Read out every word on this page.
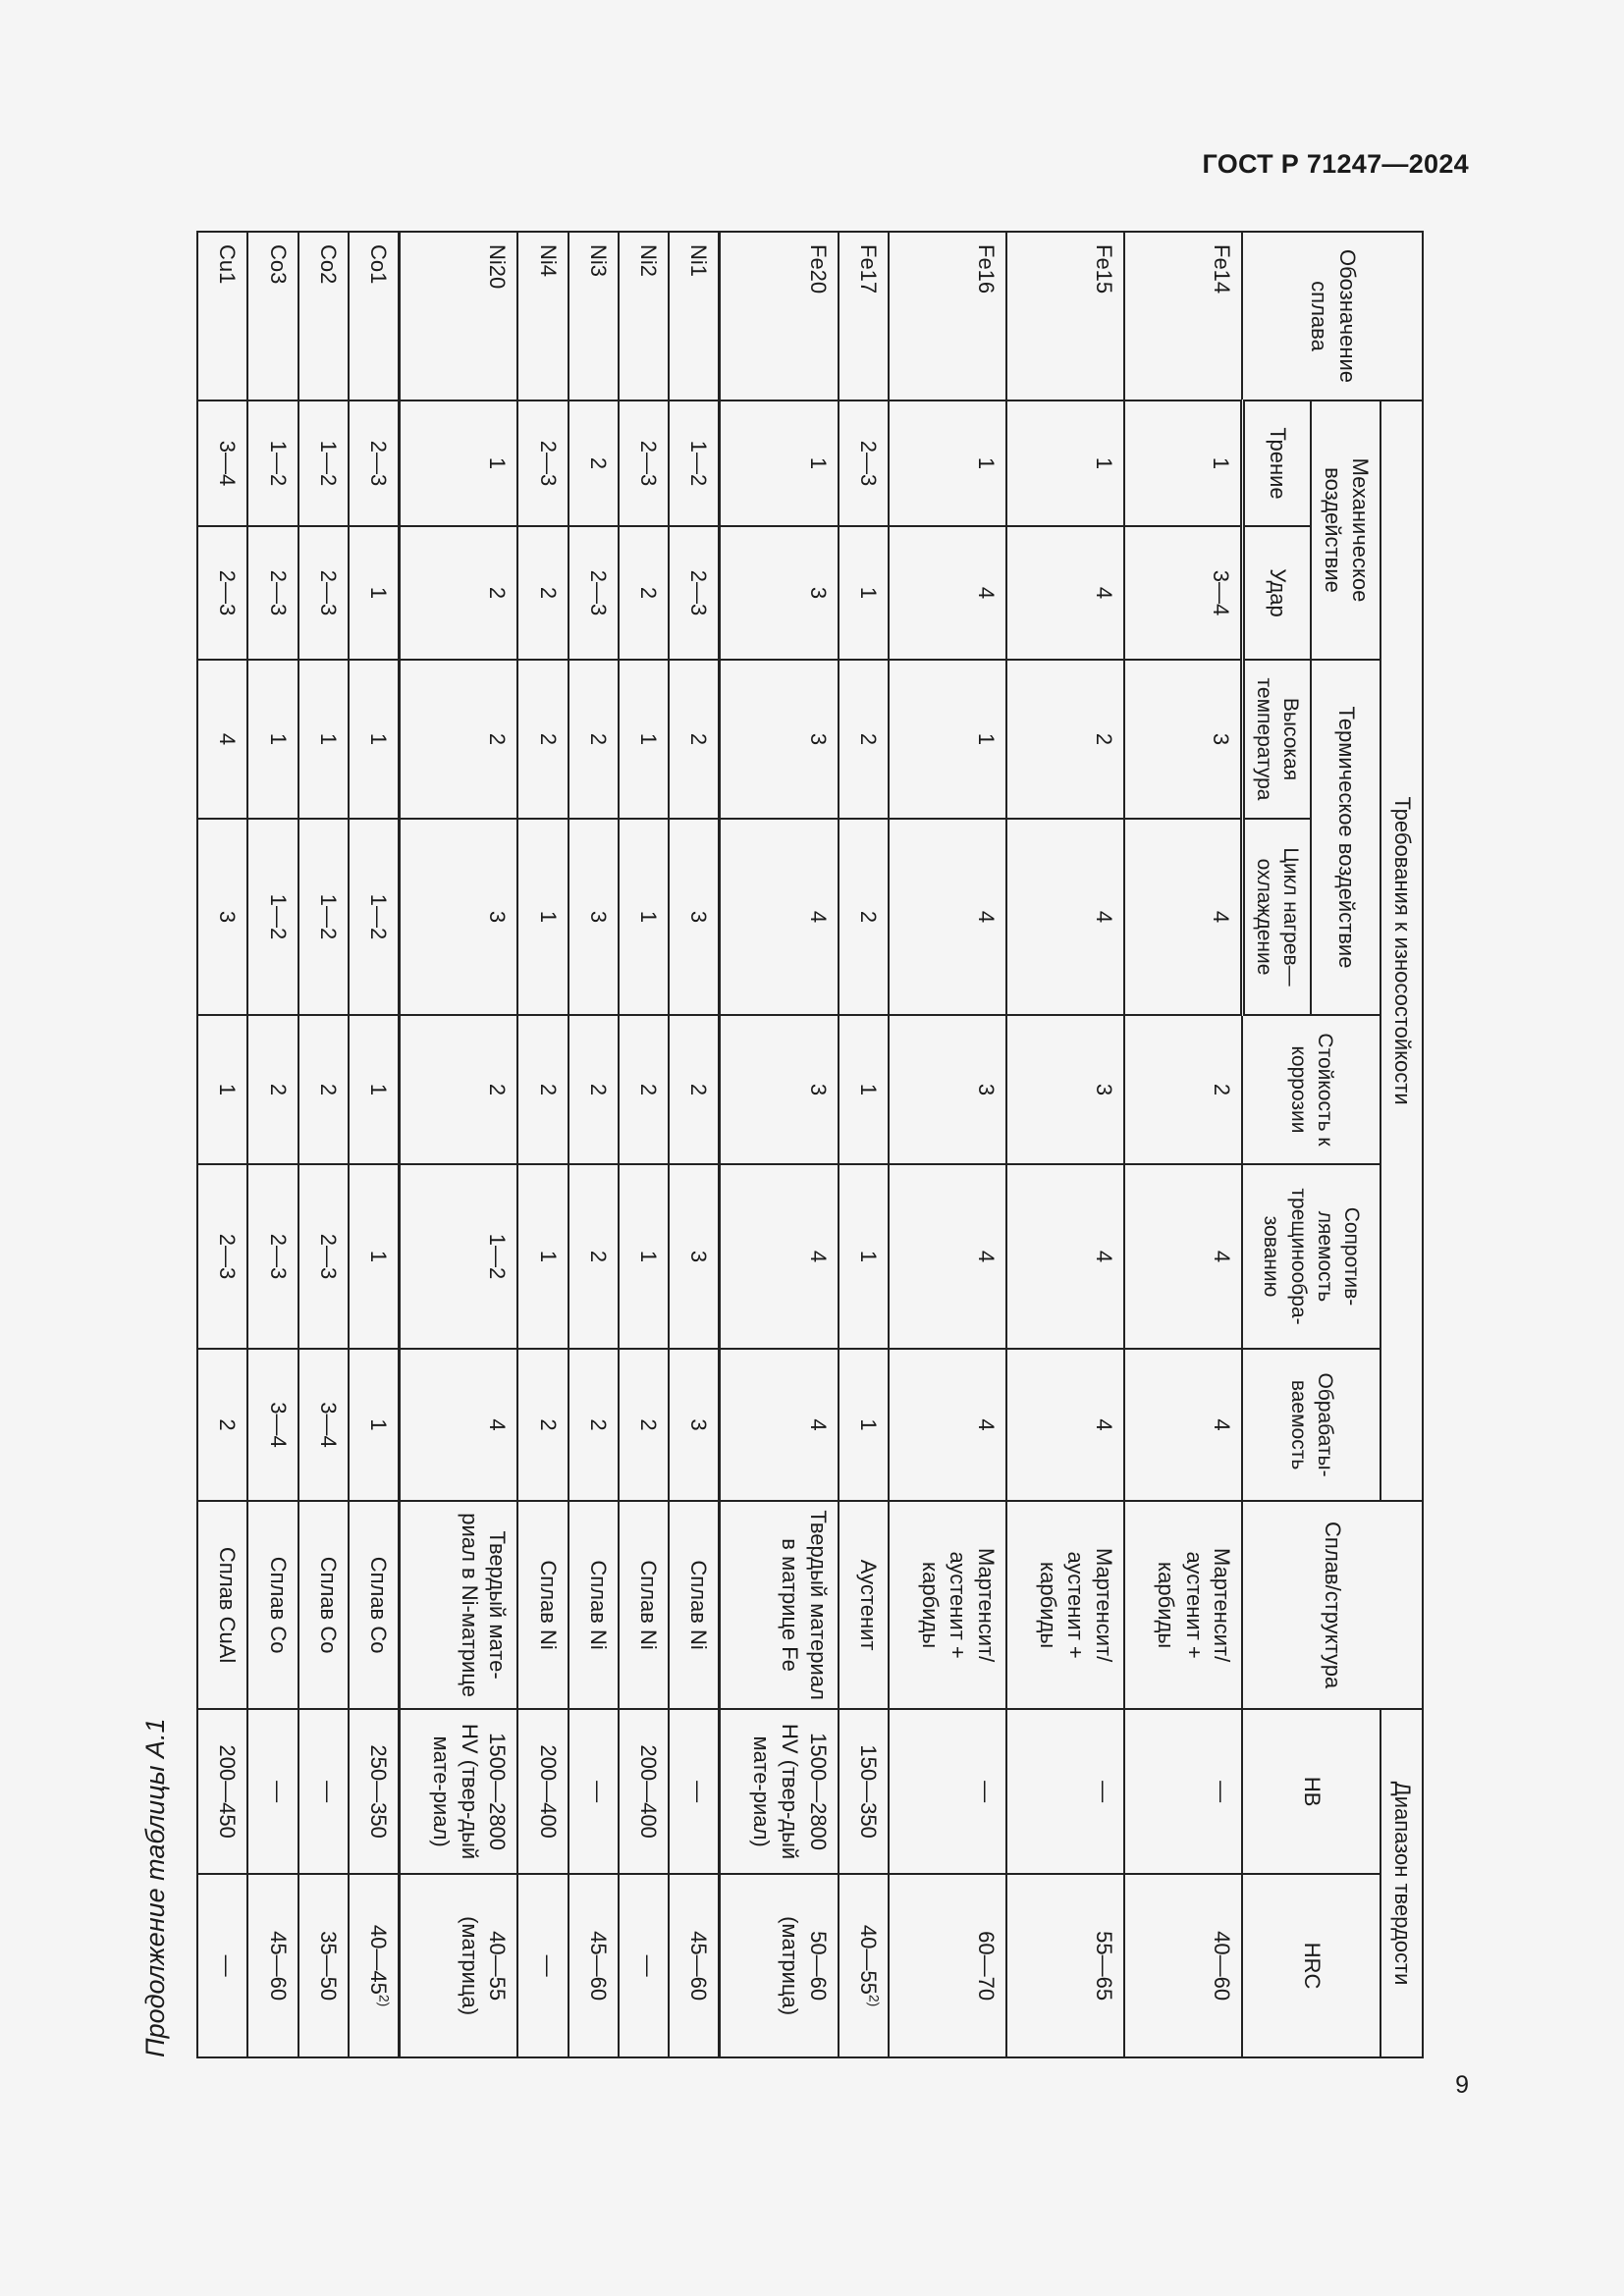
ГОСТ Р 71247—2024
Продолжение таблицы А.1
9
Обозначение сплава	Требования к износостойкости							Сплав/структура	Диапазон твердости	
	Механическое воздействие		Термическое воздействие		Стойкость к коррозии	Сопротив-ляемость трещинообра-зованию	Обрабаты-ваемость		НВ	HRC
	Трение	Удар	Высокая температура	Цикл нагрев—охлаждение						
Fe14	1	3—4	3	4	2	4	4	Мартенсит/ аустенит + карбиды	—	40—60
Fe15	1	4	2	4	3	4	4	Мартенсит/ аустенит + карбиды	—	55—65
Fe16	1	4	1	4	3	4	4	Мартенсит/ аустенит + карбиды	—	60—70
Fe17	2—3	1	2	2	1	1	1	Аустенит	150—350	40—55$^{2)}$
Fe20	1	3	3	4	3	4	4	Твердый материал в матрице Fe	1500—2800 HV (твер-дый мате-риал)	50—60 (матрица)
Ni1	1—2	2—3	2	3	2	3	3	Сплав Ni	—	45—60
Ni2	2—3	2	1	1	2	1	2	Сплав Ni	200—400	—
Ni3	2	2—3	2	3	2	2	2	Сплав Ni	—	45—60
Ni4	2—3	2	2	1	2	1	2	Сплав Ni	200—400	—
Ni20	1	2	2	3	2	1—2	4	Твердый мате-риал в Ni-матрице	1500—2800 HV (твер-дый мате-риал)	40—55 (матрица)
Co1	2—3	1	1	1—2	1	1	1	Сплав Co	250—350	40—45$^{2)}$
Co2	1—2	2—3	1	1—2	2	2—3	3—4	Сплав Co	—	35—50
Co3	1—2	2—3	1	1—2	2	2—3	3—4	Сплав Co	—	45—60
Cu1	3—4	2—3	4	3	1	2—3	2	Сплав CuAl	200—450	—
